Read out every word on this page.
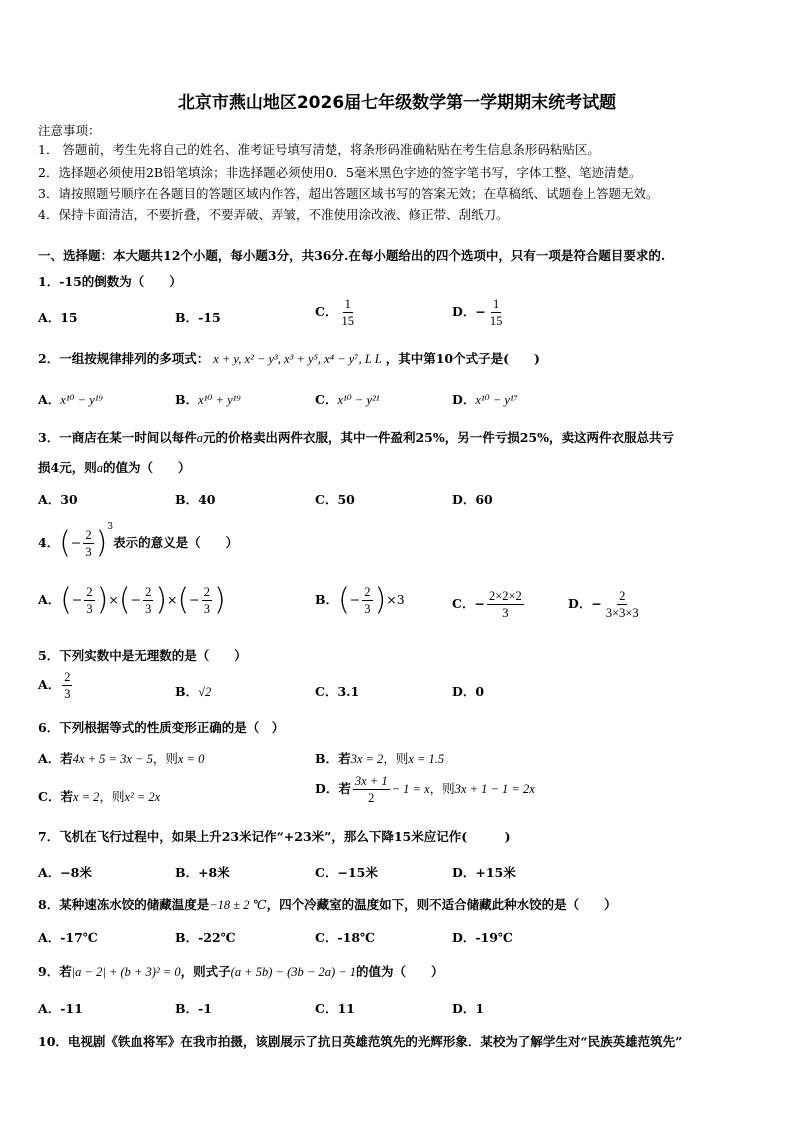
北京市燕山地区2026届七年级数学第一学期期末统考试题
注意事项：
1． 答题前，考生先将自己的姓名、准考证号填写清楚，将条形码准确粘贴在考生信息条形码粘贴区。
2．选择题必须使用2B铅笔填涂；非选择题必须使用0．5毫米黑色字迹的签字笔书写，字体工整、笔迹清楚。
3．请按照题号顺序在各题目的答题区域内作答，超出答题区域书写的答案无效；在草稿纸、试题卷上答题无效。
4．保持卡面清洁，不要折叠，不要弄破、弄皱，不准使用涂改液、修正带、刮纸刀。
一、选择题：本大题共12个小题，每小题3分，共36分.在每小题给出的四个选项中，只有一项是符合题目要求的.
1．-15的倒数为（　　）
A．15	B．-15	C． $\frac{1}{15}$	D．− $\frac{1}{15}$
2．一组按规律排列的多项式： x + y, x² − y³, x³ + y⁵, x⁴ − y⁷, L L ，其中第10个式子是(　　)
A．x¹⁰ − y¹⁹	B．x¹⁰ + y¹⁹	C．x¹⁰ − y²¹	D．x¹⁰ − y¹⁷
3．一商店在某一时间以每件a元的价格卖出两件衣服，其中一件盈利25%，另一件亏损25%，卖这两件衣服总共亏
损4元，则a的值为（　　）
A．30	B．40	C．50	D．60
4．(− $\frac{2}{3} )^3$表示的意义是（　　）
A．(− $\frac{2}{3}$ )×(− $\frac{2}{3}$ )×(− $\frac{2}{3}$ )	B．(− $\frac{2}{3} )\times 3$	C．− $\frac{2\times 2\times 2}{3}$	D．− $\frac{2}{3\times 3\times 3}$
5．下列实数中是无理数的是（　　）
A． $\frac{2}{3}$	B．√2	C．3.1	D．0
6．下列根据等式的性质变形正确的是（　）
A．若4x + 5 = 3x − 5，则x = 0	B．若3x = 2，则x = 1.5
C．若x = 2，则x² = 2x
D．若 $\frac{3x + 1}{2} - 1 = x$，则3x + 1 − 1 = 2x
7．飞机在飞行过程中，如果上升23米记作“+23米”，那么下降15米应记作(　　　)
A．−8米	B．+8米	C．−15米	D．+15米
8．某种速冻水饺的储藏温度是−18 ± 2 ℃，四个冷藏室的温度如下，则不适合储藏此种水饺的是（　　）
A．-17℃	B．-22℃	C．-18℃	D．-19℃
9．若|a − 2| + (b + 3)² = 0，则式子(a + 5b) − (3b − 2a) − 1的值为（　　）
A．-11	B．-1	C．11	D．1
10．电视剧《铁血将军》在我市拍摄，该剧展示了抗日英雄范筑先的光辉形象．某校为了解学生对“民族英雄范筑先”
